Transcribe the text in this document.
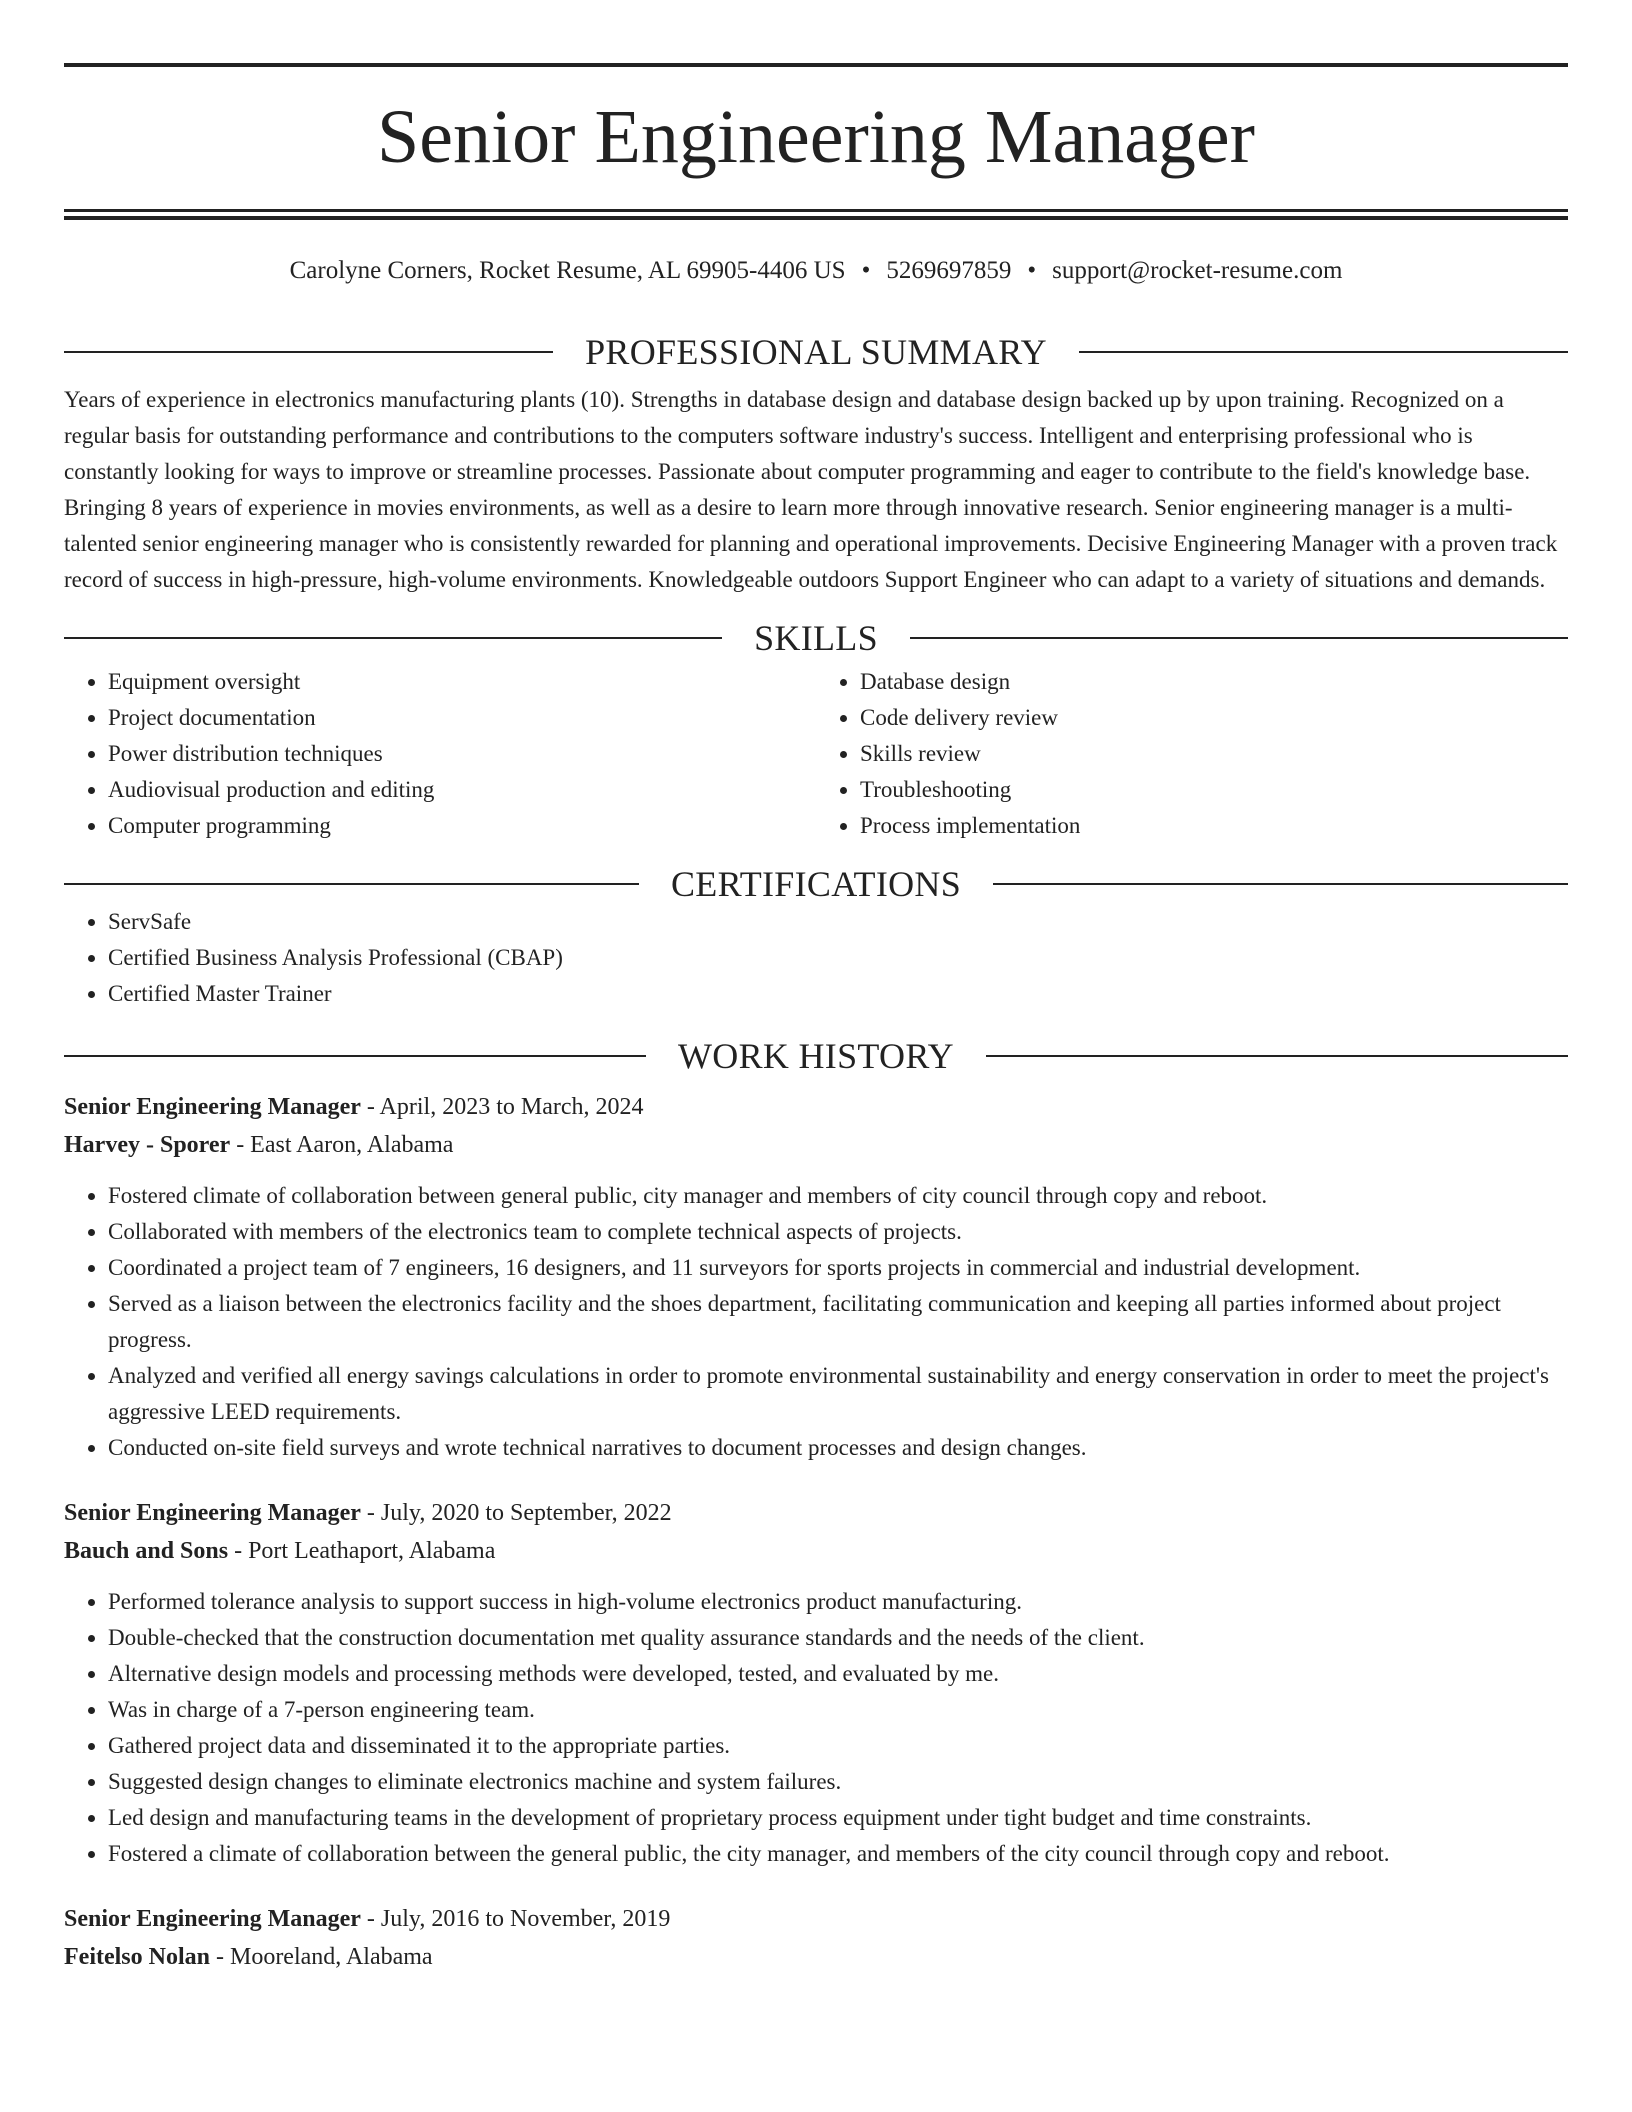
Senior Engineering Manager
Carolyne Corners, Rocket Resume, AL 69905-4406 US • 5269697859 • support@rocket-resume.com
PROFESSIONAL SUMMARY
Years of experience in electronics manufacturing plants (10). Strengths in database design and database design backed up by upon training. Recognized on a regular basis for outstanding performance and contributions to the computers software industry's success. Intelligent and enterprising professional who is constantly looking for ways to improve or streamline processes. Passionate about computer programming and eager to contribute to the field's knowledge base. Bringing 8 years of experience in movies environments, as well as a desire to learn more through innovative research. Senior engineering manager is a multi-talented senior engineering manager who is consistently rewarded for planning and operational improvements. Decisive Engineering Manager with a proven track record of success in high-pressure, high-volume environments. Knowledgeable outdoors Support Engineer who can adapt to a variety of situations and demands.
SKILLS
• Equipment oversight
• Project documentation
• Power distribution techniques
• Audiovisual production and editing
• Computer programming
• Database design
• Code delivery review
• Skills review
• Troubleshooting
• Process implementation
CERTIFICATIONS
• ServSafe
• Certified Business Analysis Professional (CBAP)
• Certified Master Trainer
WORK HISTORY
Senior Engineering Manager - April, 2023 to March, 2024
Harvey - Sporer - East Aaron, Alabama
• Fostered climate of collaboration between general public, city manager and members of city council through copy and reboot.
• Collaborated with members of the electronics team to complete technical aspects of projects.
• Coordinated a project team of 7 engineers, 16 designers, and 11 surveyors for sports projects in commercial and industrial development.
• Served as a liaison between the electronics facility and the shoes department, facilitating communication and keeping all parties informed about project progress.
• Analyzed and verified all energy savings calculations in order to promote environmental sustainability and energy conservation in order to meet the project's aggressive LEED requirements.
• Conducted on-site field surveys and wrote technical narratives to document processes and design changes.
Senior Engineering Manager - July, 2020 to September, 2022
Bauch and Sons - Port Leathaport, Alabama
• Performed tolerance analysis to support success in high-volume electronics product manufacturing.
• Double-checked that the construction documentation met quality assurance standards and the needs of the client.
• Alternative design models and processing methods were developed, tested, and evaluated by me.
• Was in charge of a 7-person engineering team.
• Gathered project data and disseminated it to the appropriate parties.
• Suggested design changes to eliminate electronics machine and system failures.
• Led design and manufacturing teams in the development of proprietary process equipment under tight budget and time constraints.
• Fostered a climate of collaboration between the general public, the city manager, and members of the city council through copy and reboot.
Senior Engineering Manager - July, 2016 to November, 2019
Feitelso Nolan - Mooreland, Alabama
